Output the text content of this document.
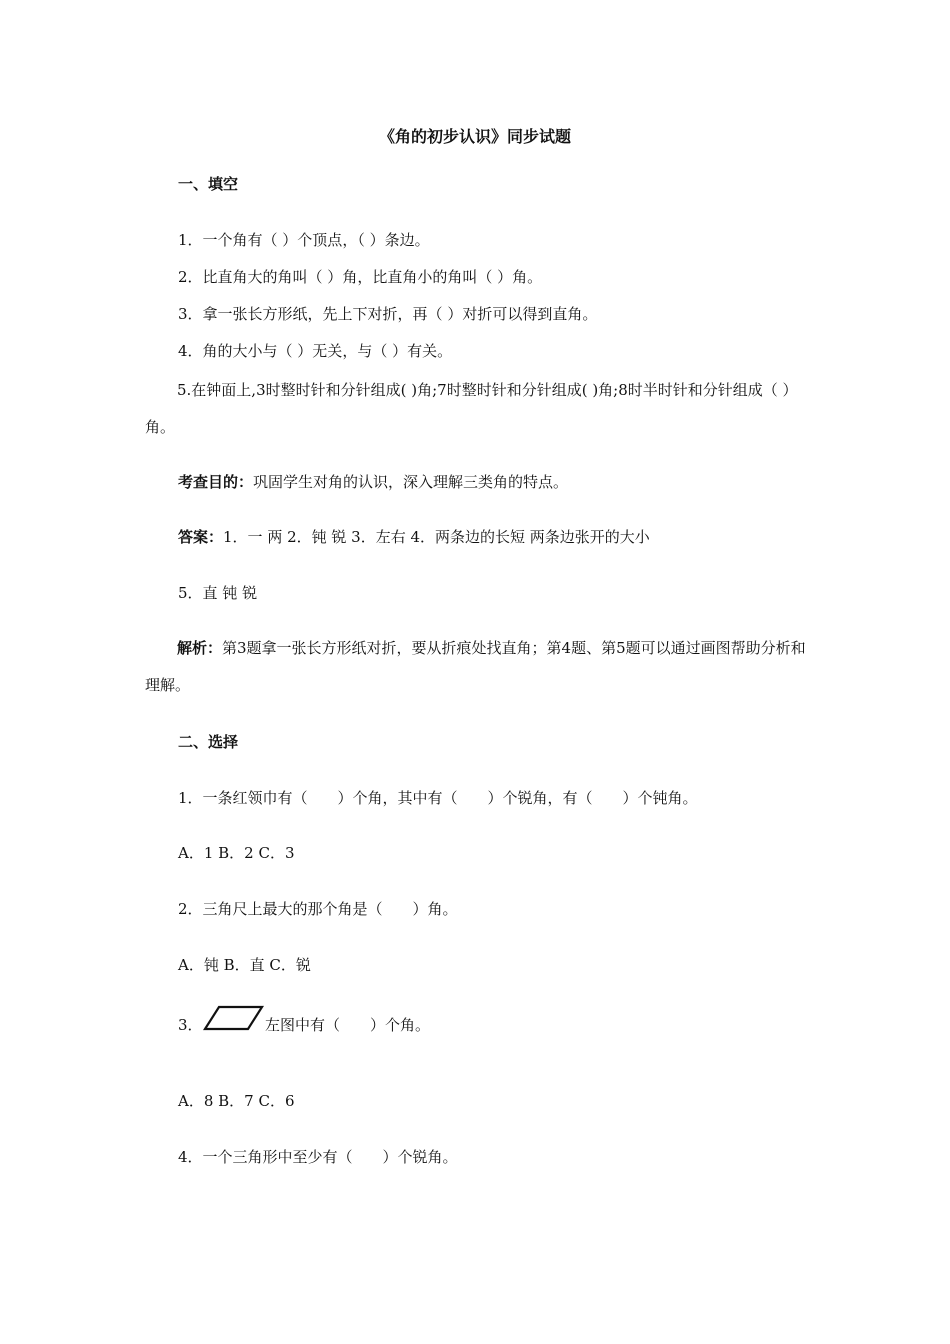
《角的初步认识》同步试题
一、填空
1．一个角有（ ）个顶点，（ ）条边。
2．比直角大的角叫（ ）角，比直角小的角叫（ ）角。
3．拿一张长方形纸，先上下对折，再（ ）对折可以得到直角。
4．角的大小与（ ）无关，与（ ）有关。
5.在钟面上,3时整时针和分针组成( )角;7时整时针和分针组成( )角;8时半时针和分针组成（ ）角。
考查目的：巩固学生对角的认识，深入理解三类角的特点。
答案：1．一 两 2．钝 锐 3．左右 4．两条边的长短 两条边张开的大小
5．直 钝 锐
解析：第3题拿一张长方形纸对折，要从折痕处找直角；第4题、第5题可以通过画图帮助分析和理解。
二、选择
1．一条红领巾有（　　）个角，其中有（　　）个锐角，有（　　）个钝角。
A．1 B．2 C．3
2．三角尺上最大的那个角是（　　）角。
A．钝 B．直 C．锐
3．	左图中有（　　）个角。
A．8 B．7 C．6
4．一个三角形中至少有（　　）个锐角。
